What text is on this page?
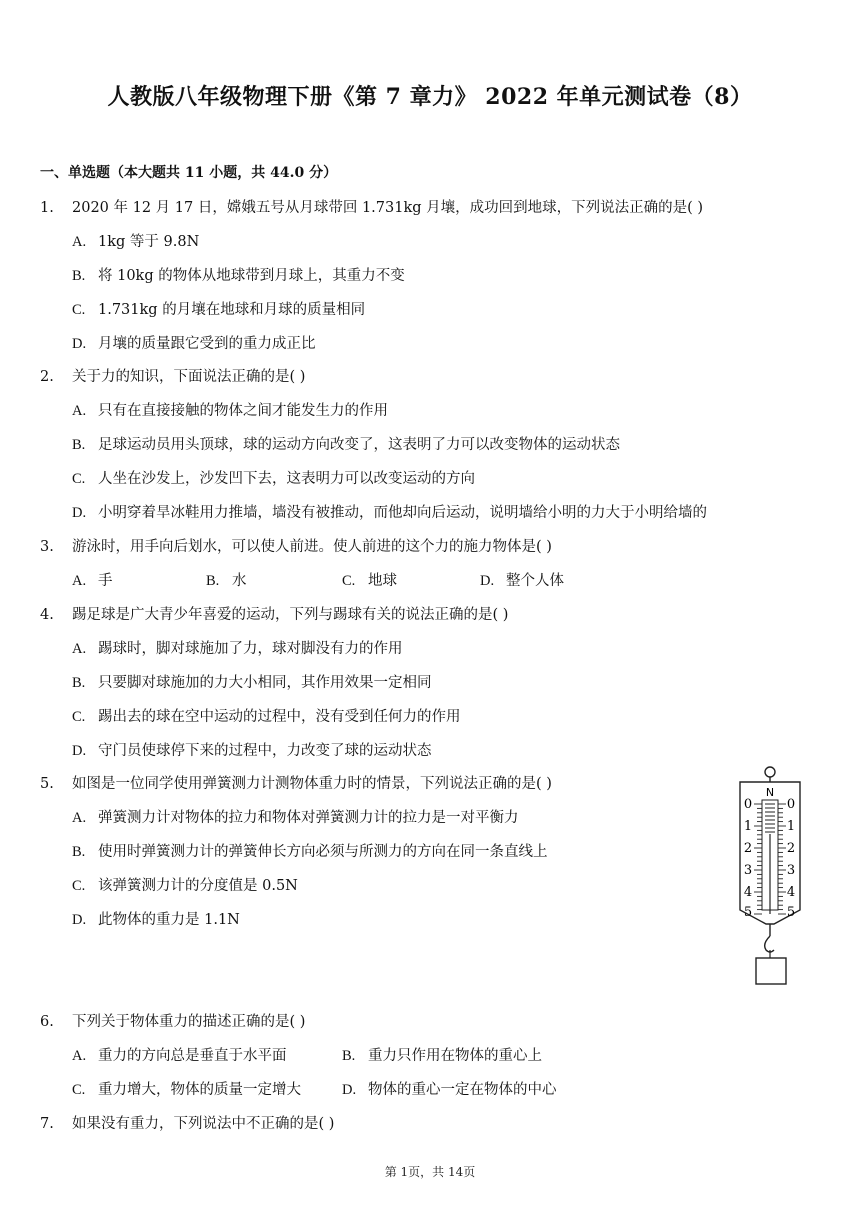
人教版八年级物理下册《第 7 章力》 2022 年单元测试卷（8）
一、单选题（本大题共 11 小题，共 44.0 分）
1. 2020 年 12 月 17 日，嫦娥五号从月球带回 1.731kg 月壤，成功回到地球，下列说法正确的是( )
A. 1kg 等于 9.8N
B. 将 10kg 的物体从地球带到月球上，其重力不变
C. 1.731kg 的月壤在地球和月球的质量相同
D. 月壤的质量跟它受到的重力成正比
2. 关于力的知识，下面说法正确的是( )
A. 只有在直接接触的物体之间才能发生力的作用
B. 足球运动员用头顶球，球的运动方向改变了，这表明了力可以改变物体的运动状态
C. 人坐在沙发上，沙发凹下去，这表明力可以改变运动的方向
D. 小明穿着旱冰鞋用力推墙，墙没有被推动，而他却向后运动，说明墙给小明的力大于小明给墙的
3. 游泳时，用手向后划水，可以使人前进。使人前进的这个力的施力物体是( )
A. 手	B. 水	C. 地球	D. 整个人体
4. 踢足球是广大青少年喜爱的运动，下列与踢球有关的说法正确的是( )
A. 踢球时，脚对球施加了力，球对脚没有力的作用
B. 只要脚对球施加的力大小相同，其作用效果一定相同
C. 踢出去的球在空中运动的过程中，没有受到任何力的作用
D. 守门员使球停下来的过程中，力改变了球的运动状态
5. 如图是一位同学使用弹簧测力计测物体重力时的情景，下列说法正确的是( )
A. 弹簧测力计对物体的拉力和物体对弹簧测力计的拉力是一对平衡力
B. 使用时弹簧测力计的弹簧伸长方向必须与所测力的方向在同一条直线上
C. 该弹簧测力计的分度值是 0.5N
D. 此物体的重力是 1.1N
N
0
1
2
3
4
5
0
1
2
3
4
5
6. 下列关于物体重力的描述正确的是( )
A. 重力的方向总是垂直于水平面	B. 重力只作用在物体的重心上
C. 重力增大，物体的质量一定增大	D. 物体的重心一定在物体的中心
7. 如果没有重力，下列说法中不正确的是( )
第 1页，共 14页
